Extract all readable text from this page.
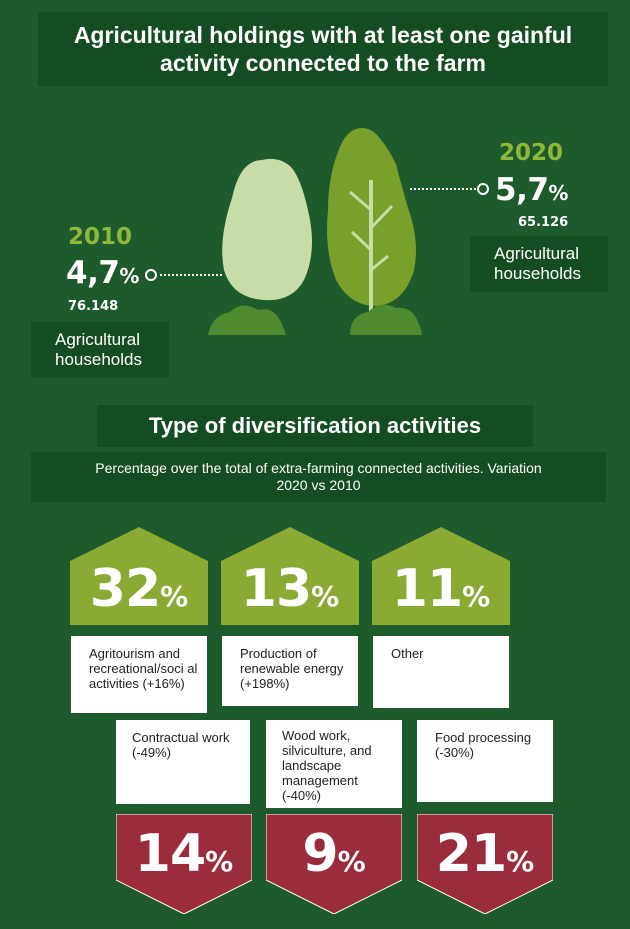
Agricultural holdings with at least one gainful activity connected to the farm
2020
5,7%
65.126
Agricultural households
2010
4,7%
76.148
Agricultural households
Type of diversification activities
Percentage over the total of extra-farming connected activities. Variation 2020 vs 2010
32%	13%	11%
Agritourism and recreational/soci al activities (+16%)
Production of renewable energy (+198%)
Other
Contractual work (-49%)
Wood work, silviculture, and landscape management (-40%)
Food processing (-30%)
14%	9%	21%
